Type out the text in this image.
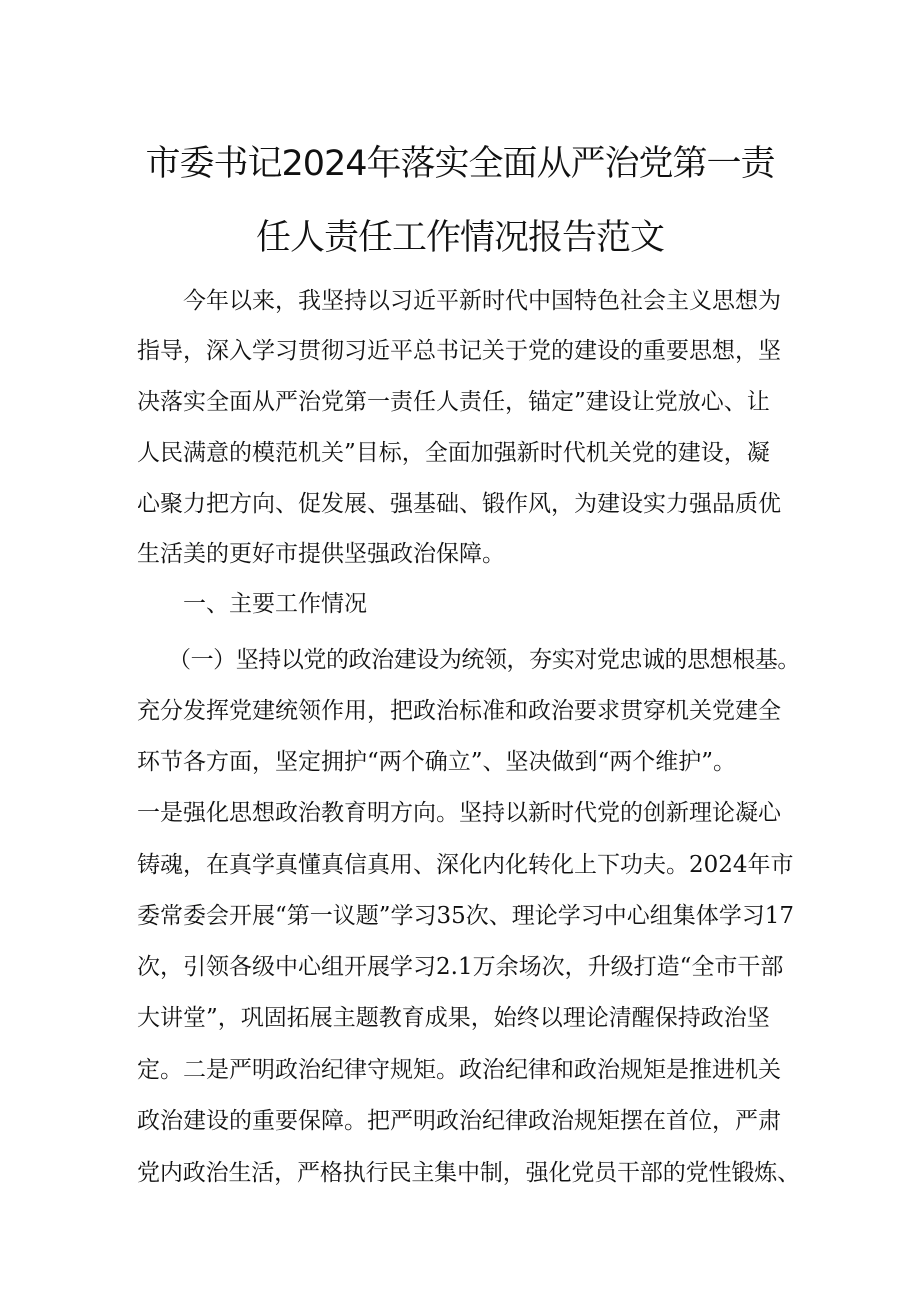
市委书记2024年落实全面从严治党第一责
任人责任工作情况报告范文
今年以来，我坚持以习近平新时代中国特色社会主义思想为
指导，深入学习贯彻习近平总书记关于党的建设的重要思想，坚
决落实全面从严治党第一责任人责任，锚定”建设让党放心、让
人民满意的模范机关”目标，全面加强新时代机关党的建设，凝
心聚力把方向、促发展、强基础、锻作风，为建设实力强品质优
生活美的更好市提供坚强政治保障。
一、主要工作情况
（一）坚持以党的政治建设为统领，夯实对党忠诚的思想根基。
充分发挥党建统领作用，把政治标准和政治要求贯穿机关党建全
环节各方面，坚定拥护“两个确立”、坚决做到“两个维护”。
一是强化思想政治教育明方向。坚持以新时代党的创新理论凝心
铸魂，在真学真懂真信真用、深化内化转化上下功夫。2024年市
委常委会开展“第一议题”学习35次、理论学习中心组集体学习17
次，引领各级中心组开展学习2.1万余场次，升级打造“全市干部
大讲堂”，巩固拓展主题教育成果，始终以理论清醒保持政治坚
定。二是严明政治纪律守规矩。政治纪律和政治规矩是推进机关
政治建设的重要保障。把严明政治纪律政治规矩摆在首位，严肃
党内政治生活，严格执行民主集中制，强化党员干部的党性锻炼、
